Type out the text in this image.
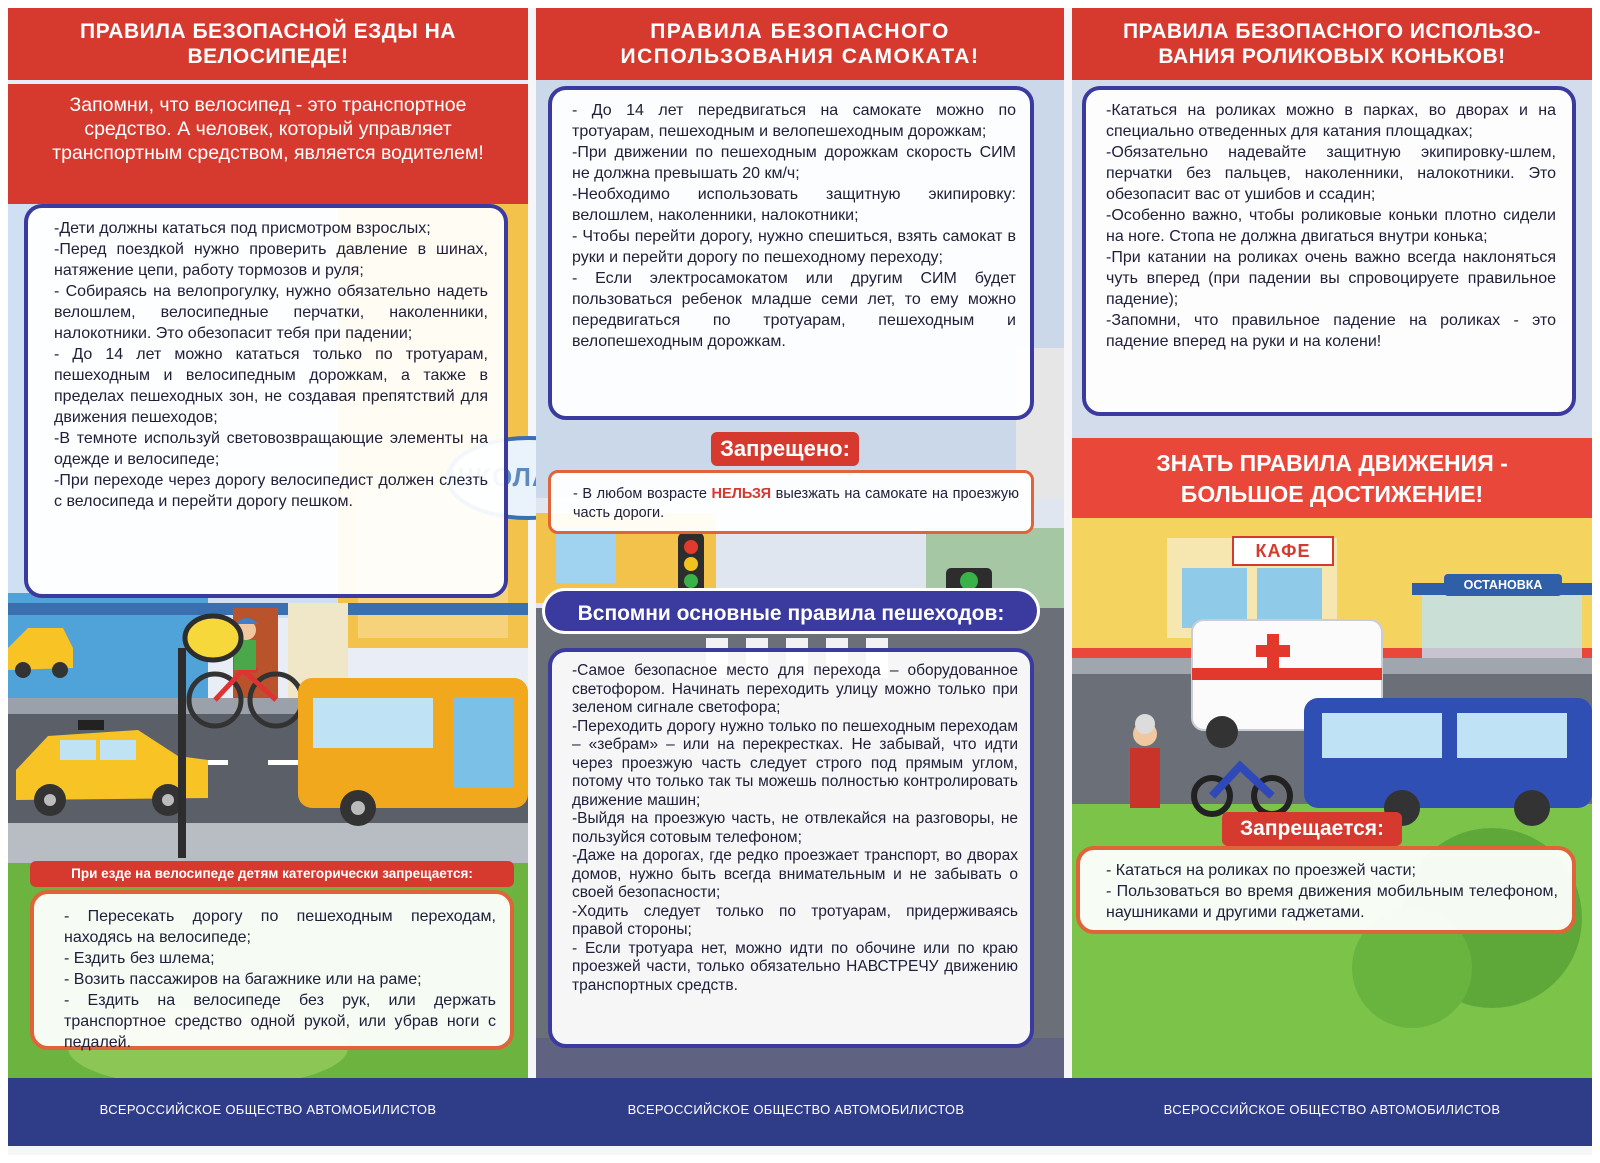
ПРАВИЛА БЕЗОПАСНОЙ ЕЗДЫ НА ВЕЛОСИПЕДЕ!
Запомни, что велосипед - это транспортное средство. А человек, который управляет транспортным средством, является водителем!

-Дети должны кататься под присмотром взрослых;

-Перед поездкой нужно проверить давление в шинах, натяжение цепи, работу тормозов и руля;

- Собираясь на велопрогулку, нужно обязательно надеть велошлем, велосипедные перчатки, наколенники, налокотники. Это обезопасит тебя при падении;

- До 14 лет можно кататься только по тротуарам, пешеходным и велосипедным дорожкам, а также в пределах пешеходных зон, не создавая препятствий для движения пешеходов;

-В темноте используй световозвращающие элементы на одежде и велосипеде;

-При переходе через дорогу велосипедист должен слезть с велосипеда и перейти дорогу пешком.

При езде на велосипеде детям категорически запрещается:

- Пересекать дорогу по пешеходным переходам, находясь на велосипеде;

- Ездить без шлема;

- Возить пассажиров на багажнике или на раме;

- Ездить на велосипеде без рук, или держать транспортное средство одной рукой, или убрав ноги с педалей.

ПРАВИЛА БЕЗОПАСНОГО ИСПОЛЬЗОВАНИЯ САМОКАТА!

- До 14 лет передвигаться на самокате можно по тротуарам, пешеходным и велопешеходным дорожкам;

-При движении по пешеходным дорожкам скорость СИМ не должна превышать 20 км/ч;

-Необходимо использовать защитную экипировку: велошлем, наколенники, налокотники;

- Чтобы перейти дорогу, нужно спешиться, взять самокат в руки и перейти дорогу по пешеходному переходу;

- Если электросамокатом или другим СИМ будет пользоваться ребенок младше семи лет, то ему можно передвигаться по тротуарам, пешеходным и велопешеходным дорожкам.

Запрещено:

- В любом возрасте НЕЛЬЗЯ выезжать на самокате на проезжую часть дороги.

Вспомни основные правила пешеходов:

-Самое безопасное место для перехода – оборудованное светофором. Начинать переходить улицу можно только при зеленом сигнале светофора;

-Переходить дорогу нужно только по пешеходным переходам – «зебрам» – или на перекрестках. Не забывай, что идти через проезжую часть следует строго под прямым углом, потому что только так ты можешь полностью контролировать движение машин;

-Выйдя на проезжую часть, не отвлекайся на разговоры, не пользуйся сотовым телефоном;

-Даже на дорогах, где редко проезжает транспорт, во дворах домов, нужно быть всегда внимательным и не забывать о своей безопасности;

-Ходить следует только по тротуарам, придерживаясь правой стороны;

- Если тротуара нет, можно идти по обочине или по краю проезжей части, только обязательно НАВСТРЕЧУ движению транспортных средств.

ПРАВИЛА БЕЗОПАСНОГО ИСПОЛЬЗО-ВАНИЯ РОЛИКОВЫХ КОНЬКОВ!

-Кататься на роликах можно в парках, во дворах и на специально отведенных для катания площадках;

-Обязательно надевайте защитную экипировку-шлем, перчатки без пальцев, наколенники, налокотники. Это обезопасит вас от ушибов и ссадин;

-Особенно важно, чтобы роликовые коньки плотно сидели на ноге. Стопа не должна двигаться внутри конька;

-При катании на роликах очень важно всегда наклоняться чуть вперед (при падении вы спровоцируете правильное падение);

-Запомни, что правильное падение на роликах - это падение вперед на руки и на колени!

ЗНАТЬ ПРАВИЛА ДВИЖЕНИЯ - БОЛЬШОЕ ДОСТИЖЕНИЕ!
КАФЕ
ОСТАНОВКА
Запрещается:

- Кататься на роликах по проезжей части;

- Пользоваться во время движения мобильным телефоном, наушниками и другими гаджетами.

ВСЕРОССИЙСКОЕ ОБЩЕСТВО АВТОМОБИЛИСТОВ	ВСЕРОССИЙСКОЕ ОБЩЕСТВО АВТОМОБИЛИСТОВ	ВСЕРОССИЙСКОЕ ОБЩЕСТВО АВТОМОБИЛИСТОВ
